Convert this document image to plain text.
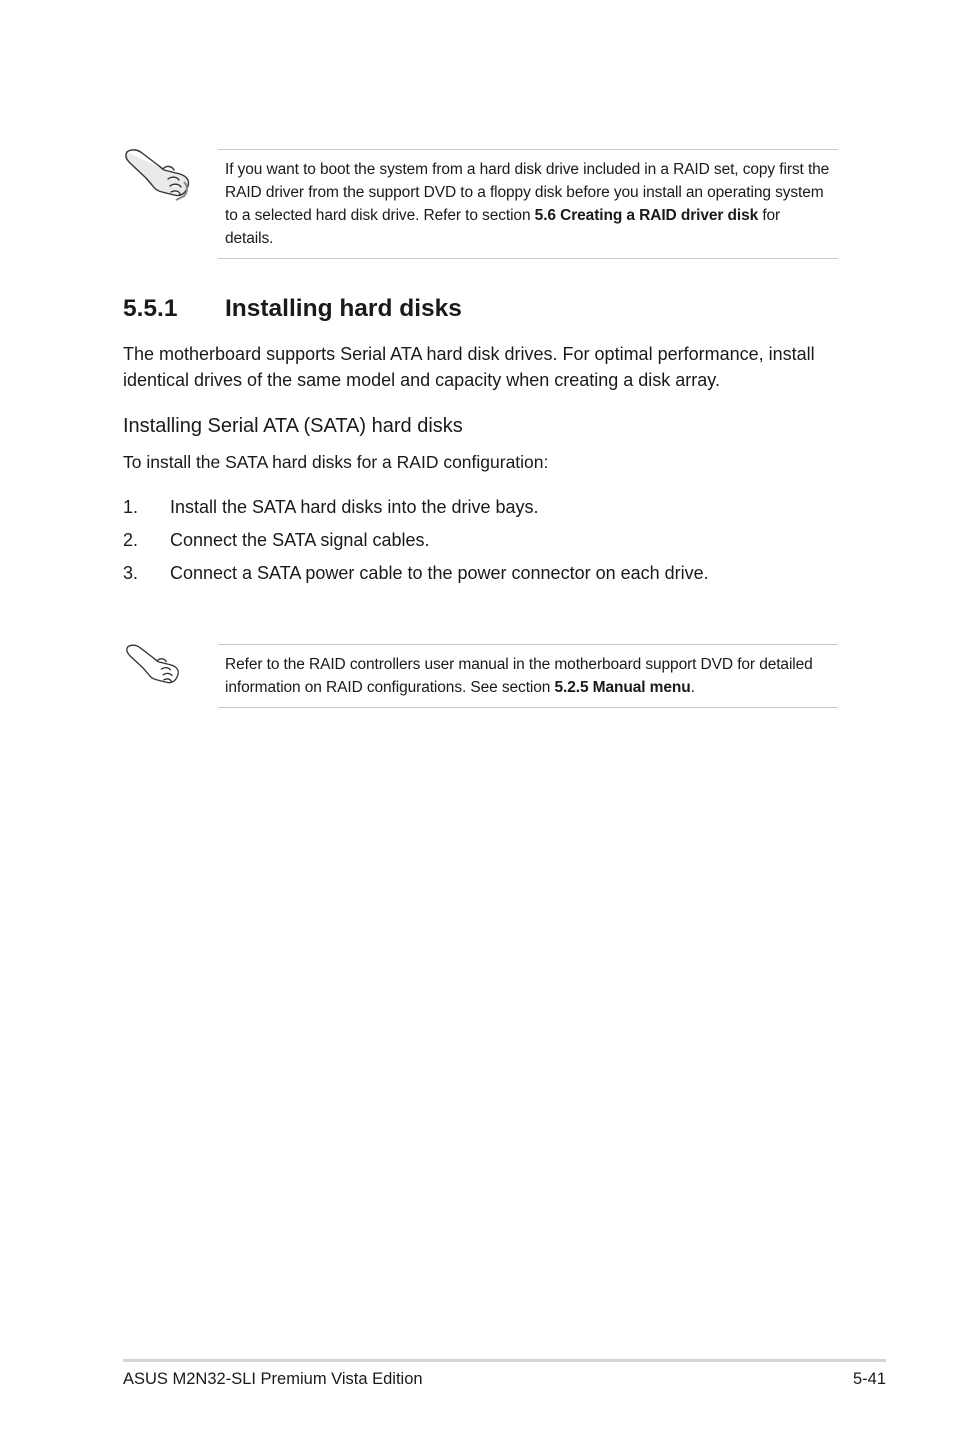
If you want to boot the system from a hard disk drive included in a RAID set, copy first the RAID driver from the support DVD to a floppy disk before you install an operating system to a selected hard disk drive. Refer to section 5.6 Creating a RAID driver disk for details.
5.5.1 Installing hard disks

The motherboard supports Serial ATA hard disk drives. For optimal performance, install identical drives of the same model and capacity when creating a disk array.

Installing Serial ATA (SATA) hard disks

To install the SATA hard disks for a RAID configuration:

1. Install the SATA hard disks into the drive bays.
2. Connect the SATA signal cables.
3. Connect a SATA power cable to the power connector on each drive.
Refer to the RAID controllers user manual in the motherboard support DVD for detailed information on RAID configurations. See section 5.2.5 Manual menu.
ASUS M2N32-SLI Premium Vista Edition	5-41
